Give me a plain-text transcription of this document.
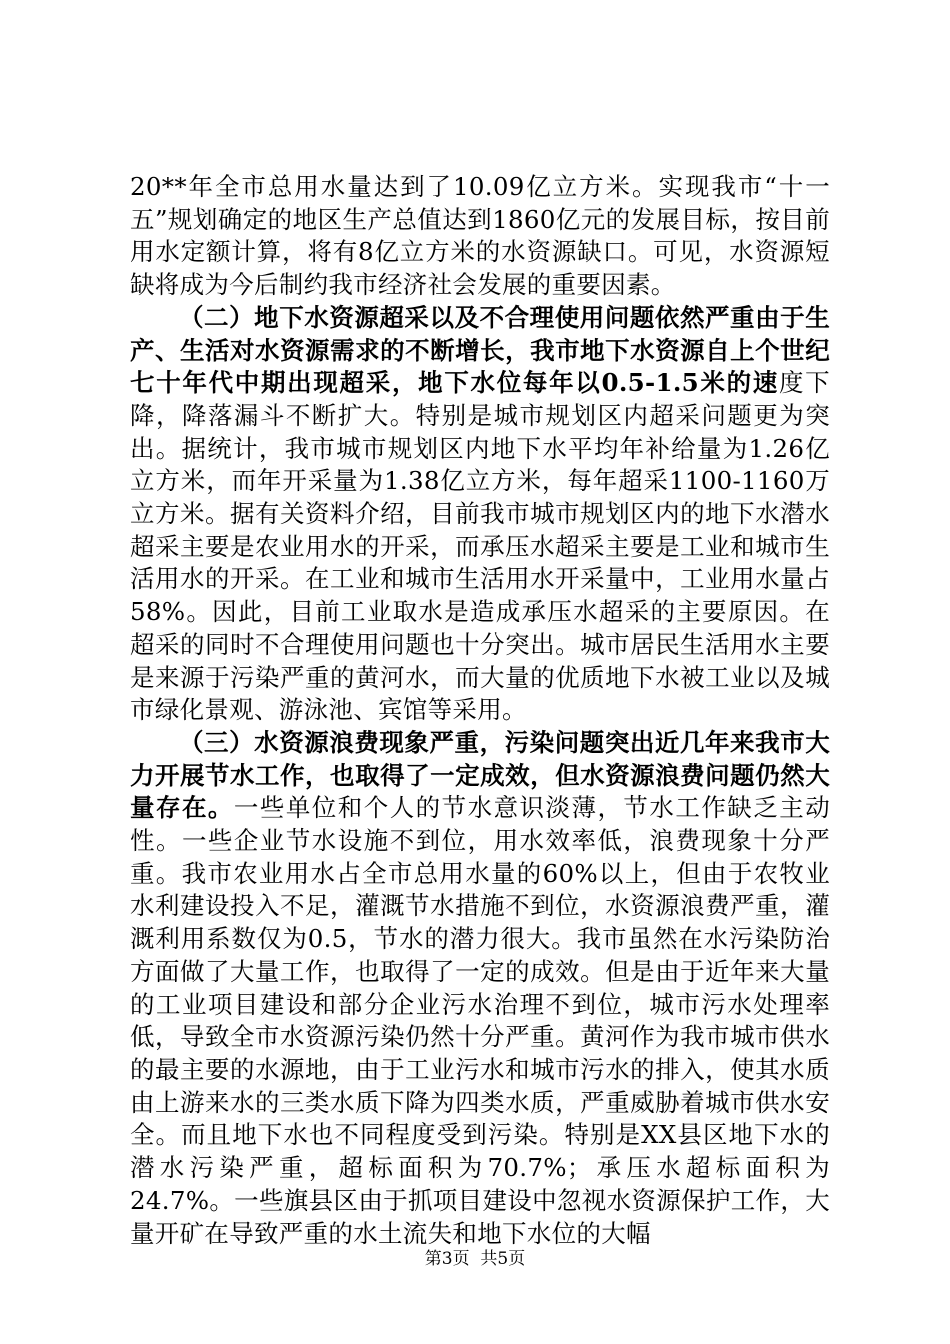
20**年全市总用水量达到了10.09亿立方米。实现我市“十一五”规划确定的地区生产总值达到1860亿元的发展目标，按目前用水定额计算，将有8亿立方米的水资源缺口。可见，水资源短缺将成为今后制约我市经济社会发展的重要因素。

（二）地下水资源超采以及不合理使用问题依然严重由于生产、生活对水资源需求的不断增长，我市地下水资源自上个世纪七十年代中期出现超采，地下水位每年以0.5-1.5米的速度下降，降落漏斗不断扩大。特别是城市规划区内超采问题更为突出。据统计，我市城市规划区内地下水平均年补给量为1.26亿立方米，而年开采量为1.38亿立方米，每年超采1100-1160万立方米。据有关资料介绍，目前我市城市规划区内的地下水潜水超采主要是农业用水的开采，而承压水超采主要是工业和城市生活用水的开采。在工业和城市生活用水开采量中，工业用水量占58%。因此，目前工业取水是造成承压水超采的主要原因。在超采的同时不合理使用问题也十分突出。城市居民生活用水主要是来源于污染严重的黄河水，而大量的优质地下水被工业以及城市绿化景观、游泳池、宾馆等采用。

（三）水资源浪费现象严重，污染问题突出近几年来我市大力开展节水工作，也取得了一定成效，但水资源浪费问题仍然大量存在。一些单位和个人的节水意识淡薄，节水工作缺乏主动性。一些企业节水设施不到位，用水效率低，浪费现象十分严重。我市农业用水占全市总用水量的60%以上，但由于农牧业水利建设投入不足，灌溉节水措施不到位，水资源浪费严重，灌溉利用系数仅为0.5，节水的潜力很大。我市虽然在水污染防治方面做了大量工作，也取得了一定的成效。但是由于近年来大量的工业项目建设和部分企业污水治理不到位，城市污水处理率低，导致全市水资源污染仍然十分严重。黄河作为我市城市供水的最主要的水源地，由于工业污水和城市污水的排入，使其水质由上游来水的三类水质下降为四类水质，严重威胁着城市供水安全。而且地下水也不同程度受到污染。特别是XX县区地下水的潜水污染严重，超标面积为70.7%；承压水超标面积为24.7%。一些旗县区由于抓项目建设中忽视水资源保护工作，大量开矿在导致严重的水土流失和地下水位的大幅

第3页 共5页
